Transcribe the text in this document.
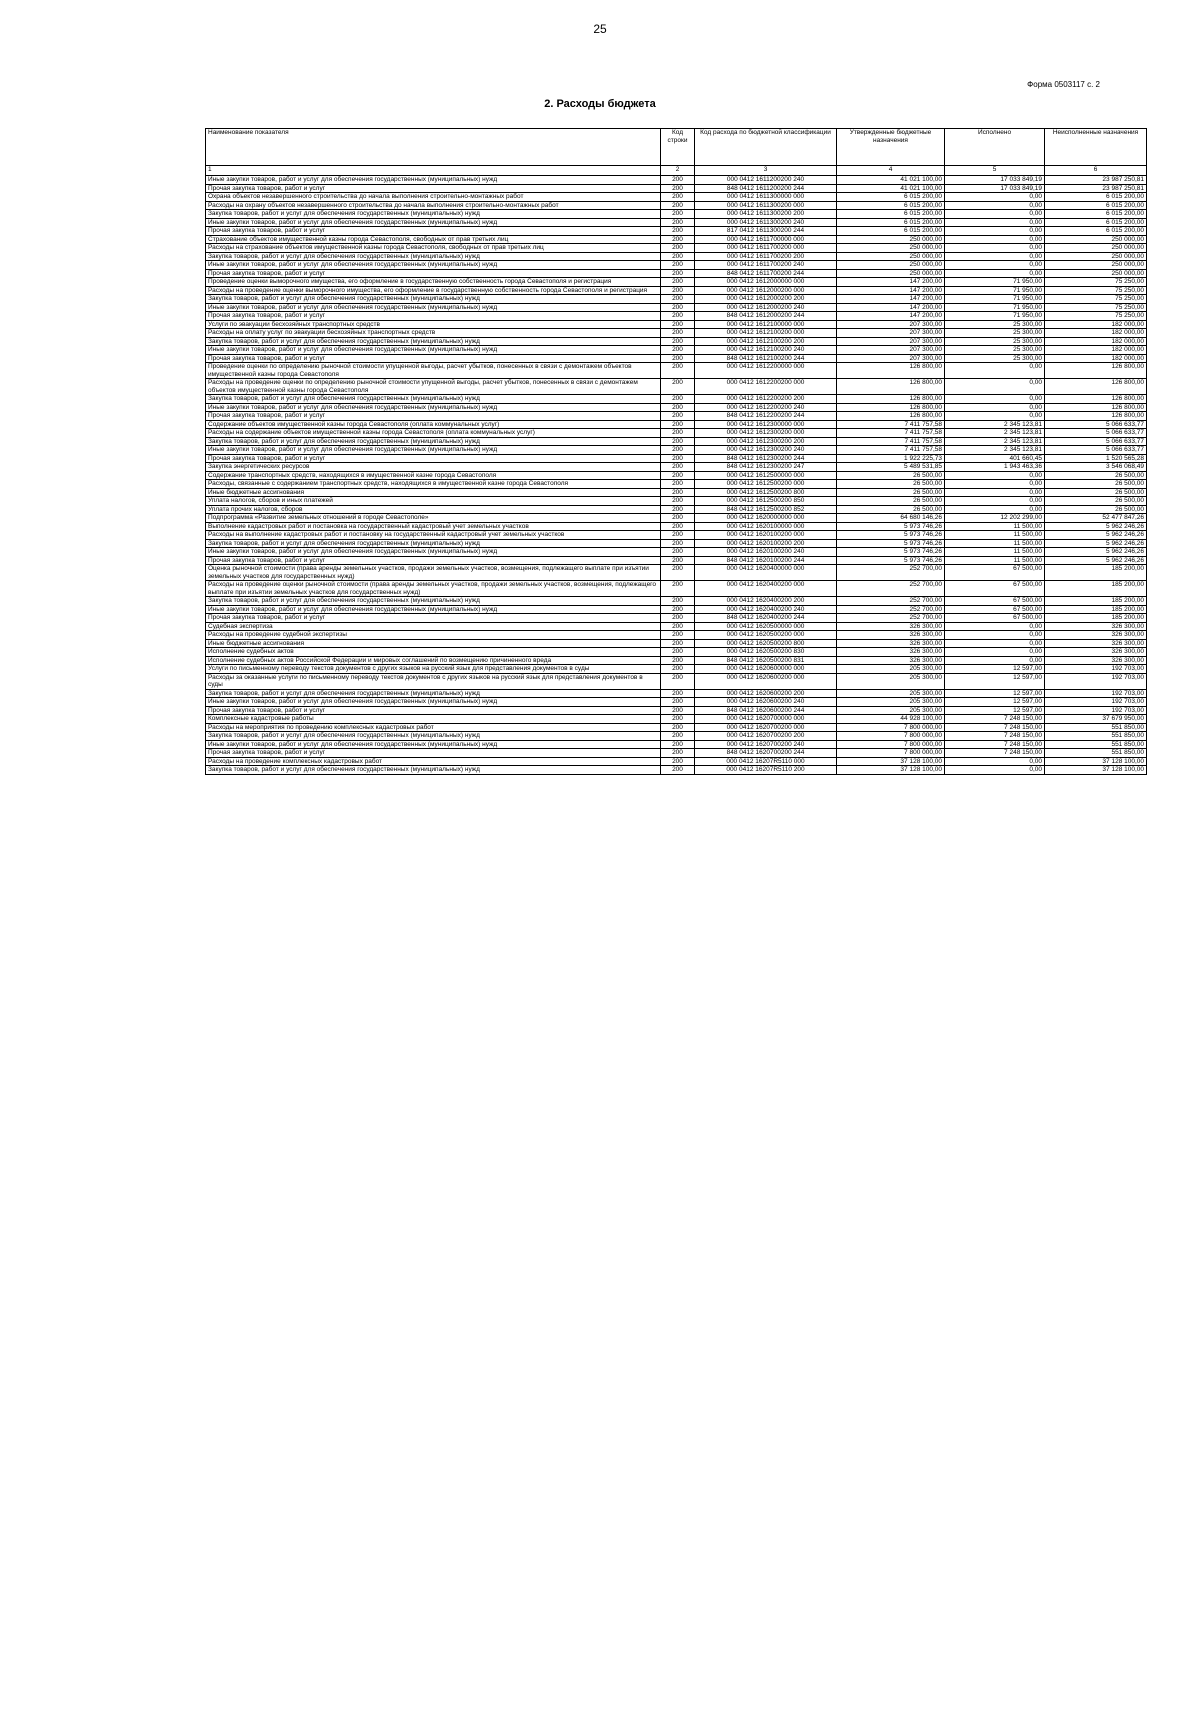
25
Форма 0503117 с. 2
2. Расходы бюджета
Наименование показателя	Код строки	Код расхода по бюджетной классификации	Утвержденные бюджетные назначения	Исполнено	Неисполненные назначения
1	2	3	4	5	6
Иные закупки товаров, работ и услуг для обеспечения государственных (муниципальных) нужд	200	000 0412 1611200200 240	41 021 100,00	17 033 849,19	23 987 250,81
Прочая закупка товаров, работ и услуг	200	848 0412 1611200200 244	41 021 100,00	17 033 849,19	23 987 250,81
Охрана объектов незавершенного строительства до начала выполнения строительно-монтажных работ	200	000 0412 1611300000 000	6 015 200,00	0,00	6 015 200,00
Расходы на охрану объектов незавершенного строительства до начала выполнения строительно-монтажных работ	200	000 0412 1611300200 000	6 015 200,00	0,00	6 015 200,00
Закупка товаров, работ и услуг для обеспечения государственных (муниципальных) нужд	200	000 0412 1611300200 200	6 015 200,00	0,00	6 015 200,00
Иные закупки товаров, работ и услуг для обеспечения государственных (муниципальных) нужд	200	000 0412 1611300200 240	6 015 200,00	0,00	6 015 200,00
Прочая закупка товаров, работ и услуг	200	817 0412 1611300200 244	6 015 200,00	0,00	6 015 200,00
Страхование объектов имущественной казны города Севастополя, свободных от прав третьих лиц	200	000 0412 1611700000 000	250 000,00	0,00	250 000,00
Расходы на страхование объектов имущественной казны города Севастополя, свободных от прав третьих лиц	200	000 0412 1611700200 000	250 000,00	0,00	250 000,00
Закупка товаров, работ и услуг для обеспечения государственных (муниципальных) нужд	200	000 0412 1611700200 200	250 000,00	0,00	250 000,00
Иные закупки товаров, работ и услуг для обеспечения государственных (муниципальных) нужд	200	000 0412 1611700200 240	250 000,00	0,00	250 000,00
Прочая закупка товаров, работ и услуг	200	848 0412 1611700200 244	250 000,00	0,00	250 000,00
Проведение оценки выморочного имущества, его оформление в государственную собственность города Севастополя и регистрация	200	000 0412 1612000000 000	147 200,00	71 950,00	75 250,00
Расходы на проведение оценки выморочного имущества, его оформление в государственную собственность города Севастополя и регистрация	200	000 0412 1612000200 000	147 200,00	71 950,00	75 250,00
Закупка товаров, работ и услуг для обеспечения государственных (муниципальных) нужд	200	000 0412 1612000200 200	147 200,00	71 950,00	75 250,00
Иные закупки товаров, работ и услуг для обеспечения государственных (муниципальных) нужд	200	000 0412 1612000200 240	147 200,00	71 950,00	75 250,00
Прочая закупка товаров, работ и услуг	200	848 0412 1612000200 244	147 200,00	71 950,00	75 250,00
Услуги по эвакуации бесхозяйных транспортных средств	200	000 0412 1612100000 000	207 300,00	25 300,00	182 000,00
Расходы на оплату услуг по эвакуации бесхозяйных транспортных средств	200	000 0412 1612100200 000	207 300,00	25 300,00	182 000,00
Закупка товаров, работ и услуг для обеспечения государственных (муниципальных) нужд	200	000 0412 1612100200 200	207 300,00	25 300,00	182 000,00
Иные закупки товаров, работ и услуг для обеспечения государственных (муниципальных) нужд	200	000 0412 1612100200 240	207 300,00	25 300,00	182 000,00
Прочая закупка товаров, работ и услуг	200	848 0412 1612100200 244	207 300,00	25 300,00	182 000,00
Проведение оценки по определению рыночной стоимости упущенной выгоды, расчет убытков, понесенных в связи с демонтажем объектов имущественной казны города Севастополя	200	000 0412 1612200000 000	126 800,00	0,00	126 800,00
Расходы на проведение оценки по определению рыночной стоимости упущенной выгоды, расчет убытков, понесенных в связи с демонтажем объектов имущественной казны города Севастополя	200	000 0412 1612200200 000	126 800,00	0,00	126 800,00
Закупка товаров, работ и услуг для обеспечения государственных (муниципальных) нужд	200	000 0412 1612200200 200	126 800,00	0,00	126 800,00
Иные закупки товаров, работ и услуг для обеспечения государственных (муниципальных) нужд	200	000 0412 1612200200 240	126 800,00	0,00	126 800,00
Прочая закупка товаров, работ и услуг	200	848 0412 1612200200 244	126 800,00	0,00	126 800,00
Содержание объектов имущественной казны города Севастополя (оплата коммунальных услуг)	200	000 0412 1612300000 000	7 411 757,58	2 345 123,81	5 066 633,77
Расходы на содержание объектов имущественной казны города Севастополя (оплата коммунальных услуг)	200	000 0412 1612300200 000	7 411 757,58	2 345 123,81	5 066 633,77
Закупка товаров, работ и услуг для обеспечения государственных (муниципальных) нужд	200	000 0412 1612300200 200	7 411 757,58	2 345 123,81	5 066 633,77
Иные закупки товаров, работ и услуг для обеспечения государственных (муниципальных) нужд	200	000 0412 1612300200 240	7 411 757,58	2 345 123,81	5 066 633,77
Прочая закупка товаров, работ и услуг	200	848 0412 1612300200 244	1 922 225,73	401 660,45	1 520 565,28
Закупка энергетических ресурсов	200	848 0412 1612300200 247	5 489 531,85	1 943 463,36	3 546 068,49
Содержание транспортных средств, находящихся в имущественной казне города Севастополя	200	000 0412 1612500000 000	26 500,00	0,00	26 500,00
Расходы, связанные с содержанием транспортных средств, находящихся в имущественной казне города Севастополя	200	000 0412 1612500200 000	26 500,00	0,00	26 500,00
Иные бюджетные ассигнования	200	000 0412 1612500200 800	26 500,00	0,00	26 500,00
Уплата налогов, сборов и иных платежей	200	000 0412 1612500200 850	26 500,00	0,00	26 500,00
Уплата прочих налогов, сборов	200	848 0412 1612500200 852	26 500,00	0,00	26 500,00
Подпрограмма «Развитие земельных отношений в городе Севастополе»	200	000 0412 1620000000 000	64 680 146,26	12 202 299,00	52 477 847,26
Выполнение кадастровых работ и постановка на государственный кадастровый учет земельных участков	200	000 0412 1620100000 000	5 973 746,26	11 500,00	5 962 246,26
Расходы на выполнение кадастровых работ и постановку на государственный кадастровый учет земельных участков	200	000 0412 1620100200 000	5 973 746,26	11 500,00	5 962 246,26
Закупка товаров, работ и услуг для обеспечения государственных (муниципальных) нужд	200	000 0412 1620100200 200	5 973 746,26	11 500,00	5 962 246,26
Иные закупки товаров, работ и услуг для обеспечения государственных (муниципальных) нужд	200	000 0412 1620100200 240	5 973 746,26	11 500,00	5 962 246,26
Прочая закупка товаров, работ и услуг	200	848 0412 1620100200 244	5 973 746,26	11 500,00	5 962 246,26
Оценка рыночной стоимости (права аренды земельных участков, продажи земельных участков, возмещения, подлежащего выплате при изъятии земельных участков для государственных нужд)	200	000 0412 1620400000 000	252 700,00	67 500,00	185 200,00
Расходы на проведение оценки рыночной стоимости (права аренды земельных участков, продажи земельных участков, возмещения, подлежащего выплате при изъятии земельных участков для государственных нужд)	200	000 0412 1620400200 000	252 700,00	67 500,00	185 200,00
Закупка товаров, работ и услуг для обеспечения государственных (муниципальных) нужд	200	000 0412 1620400200 200	252 700,00	67 500,00	185 200,00
Иные закупки товаров, работ и услуг для обеспечения государственных (муниципальных) нужд	200	000 0412 1620400200 240	252 700,00	67 500,00	185 200,00
Прочая закупка товаров, работ и услуг	200	848 0412 1620400200 244	252 700,00	67 500,00	185 200,00
Судебная экспертиза	200	000 0412 1620500000 000	326 300,00	0,00	326 300,00
Расходы на проведение судебной экспертизы	200	000 0412 1620500200 000	326 300,00	0,00	326 300,00
Иные бюджетные ассигнования	200	000 0412 1620500200 800	326 300,00	0,00	326 300,00
Исполнение судебных актов	200	000 0412 1620500200 830	326 300,00	0,00	326 300,00
Исполнение судебных актов Российской Федерации и мировых соглашений по возмещению причиненного вреда	200	848 0412 1620500200 831	326 300,00	0,00	326 300,00
Услуги по письменному переводу текстов документов с других языков на русский язык для представления документов в суды	200	000 0412 1620600000 000	205 300,00	12 597,00	192 703,00
Расходы за оказанные услуги по письменному переводу текстов документов с других языков на русский язык для представления документов в суды	200	000 0412 1620600200 000	205 300,00	12 597,00	192 703,00
Закупка товаров, работ и услуг для обеспечения государственных (муниципальных) нужд	200	000 0412 1620600200 200	205 300,00	12 597,00	192 703,00
Иные закупки товаров, работ и услуг для обеспечения государственных (муниципальных) нужд	200	000 0412 1620600200 240	205 300,00	12 597,00	192 703,00
Прочая закупка товаров, работ и услуг	200	848 0412 1620600200 244	205 300,00	12 597,00	192 703,00
Комплексные кадастровые работы	200	000 0412 1620700000 000	44 928 100,00	7 248 150,00	37 679 950,00
Расходы на мероприятия по проведению комплексных кадастровых работ	200	000 0412 1620700200 000	7 800 000,00	7 248 150,00	551 850,00
Закупка товаров, работ и услуг для обеспечения государственных (муниципальных) нужд	200	000 0412 1620700200 200	7 800 000,00	7 248 150,00	551 850,00
Иные закупки товаров, работ и услуг для обеспечения государственных (муниципальных) нужд	200	000 0412 1620700200 240	7 800 000,00	7 248 150,00	551 850,00
Прочая закупка товаров, работ и услуг	200	848 0412 1620700200 244	7 800 000,00	7 248 150,00	551 850,00
Расходы на проведение комплексных кадастровых работ	200	000 0412 16207R5110 000	37 128 100,00	0,00	37 128 100,00
Закупка товаров, работ и услуг для обеспечения государственных (муниципальных) нужд	200	000 0412 16207R5110 200	37 128 100,00	0,00	37 128 100,00
